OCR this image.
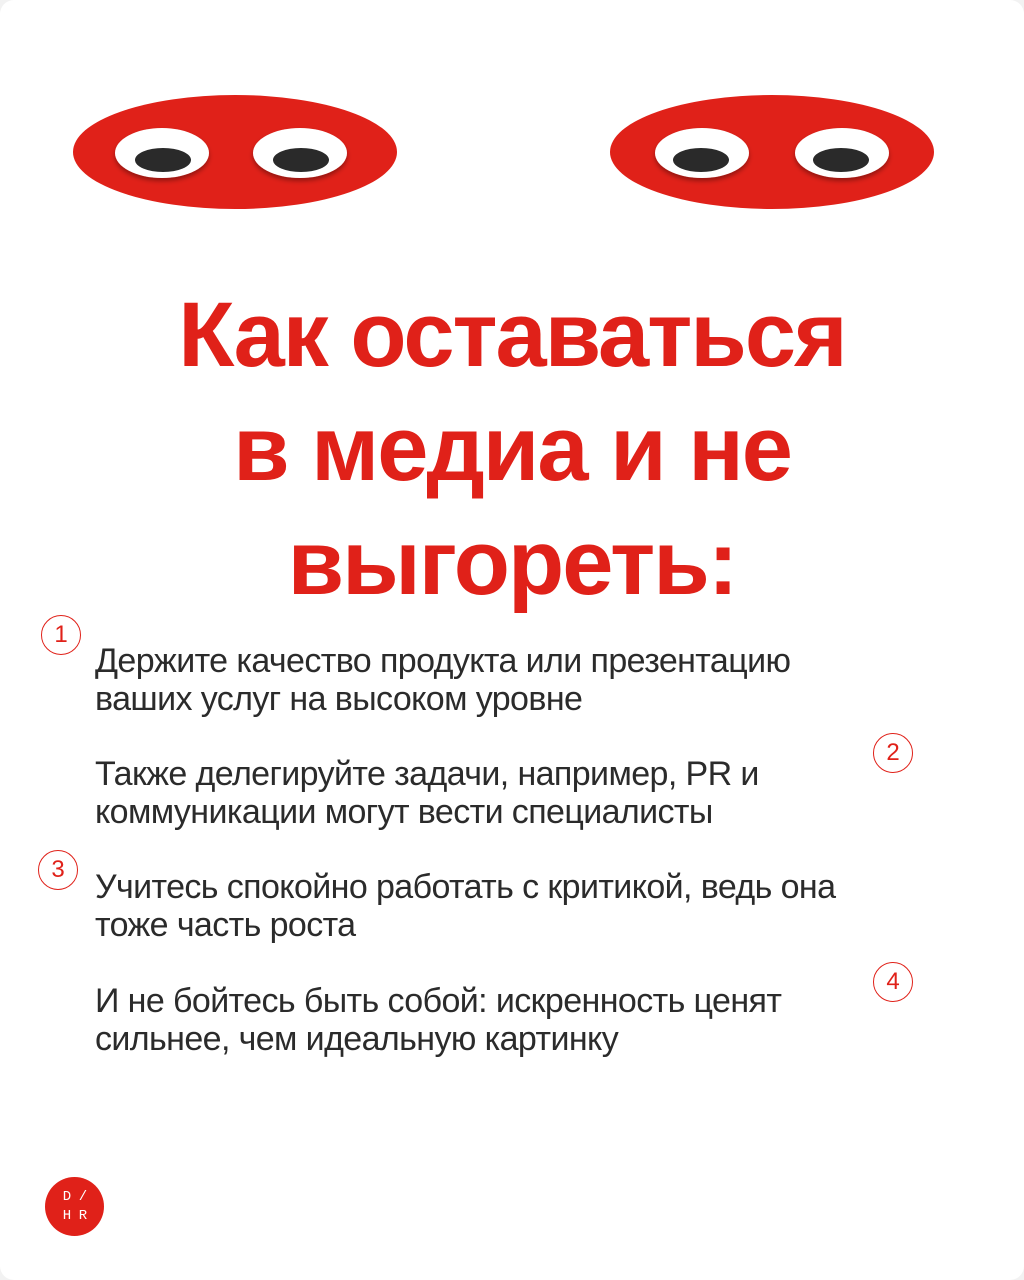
Как оставаться
в медиа и не
выгореть:
1

Держите качество продукта или презентацию
ваших услуг на высоком уровне

2

Также делегируйте задачи, например, PR и
коммуникации могут вести специалисты

3 Учитесь спокойно работать с критикой, ведь она
тоже часть роста

4

И не бойтесь быть собой: искренность ценят
сильнее, чем идеальную картинку

D /
H R
